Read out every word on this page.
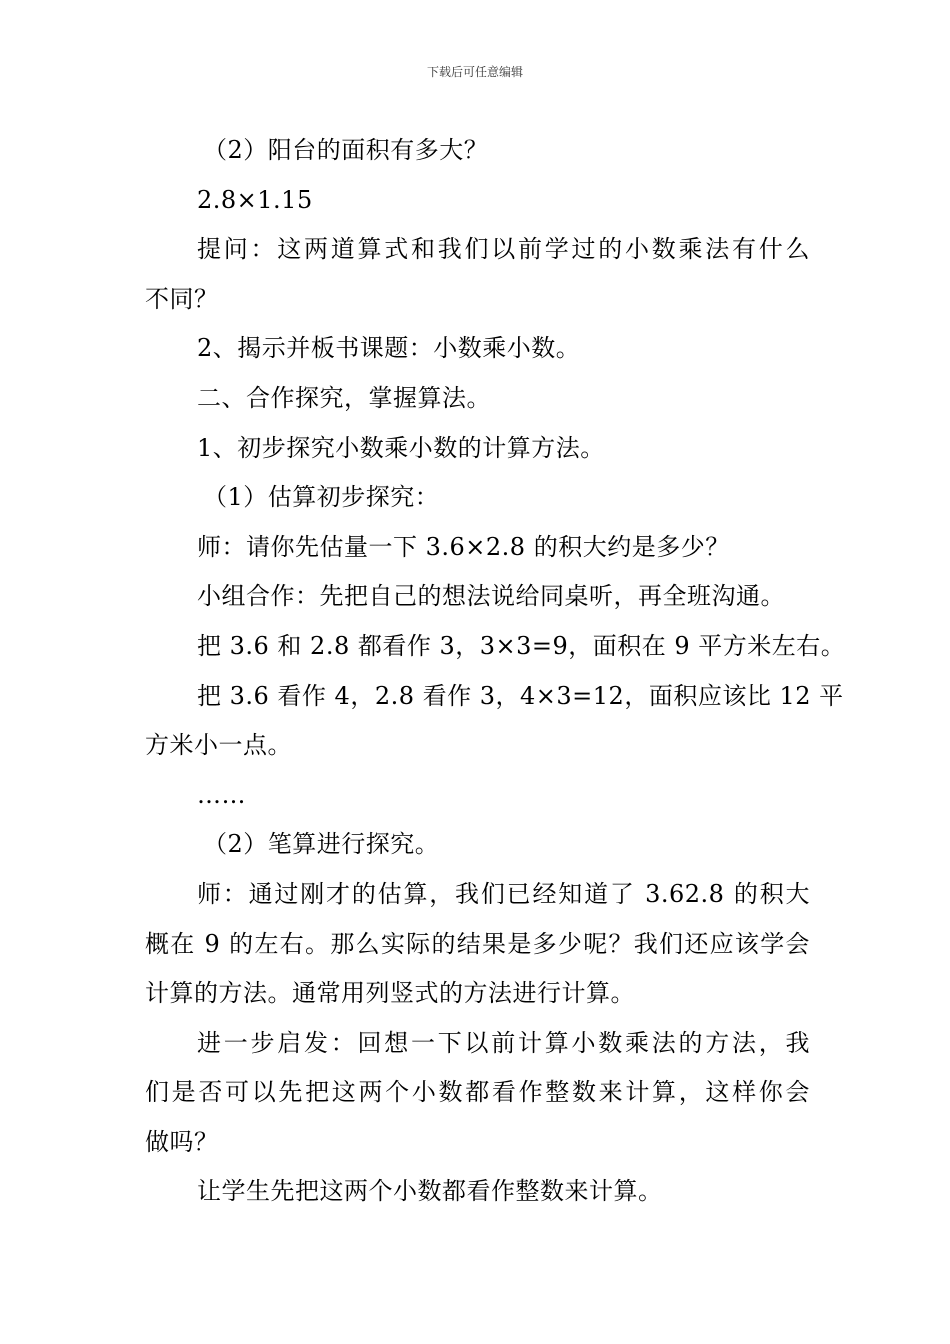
下载后可任意编辑
（2）阳台的面积有多大？
2.8×1.15
提问：这两道算式和我们以前学过的小数乘法有什么
不同？
2、揭示并板书课题：小数乘小数。
二、合作探究，掌握算法。
1、初步探究小数乘小数的计算方法。
（1）估算初步探究：
师：请你先估量一下 3.6×2.8 的积大约是多少？
小组合作：先把自己的想法说给同桌听，再全班沟通。
把 3.6 和 2.8 都看作 3，3×3=9，面积在 9 平方米左右。
把 3.6 看作 4，2.8 看作 3，4×3=12，面积应该比 12 平
方米小一点。
……
（2）笔算进行探究。
师：通过刚才的估算，我们已经知道了 3.62.8 的积大
概在 9 的左右。那么实际的结果是多少呢？我们还应该学会
计算的方法。通常用列竖式的方法进行计算。
进一步启发：回想一下以前计算小数乘法的方法，我
们是否可以先把这两个小数都看作整数来计算，这样你会
做吗？
让学生先把这两个小数都看作整数来计算。
